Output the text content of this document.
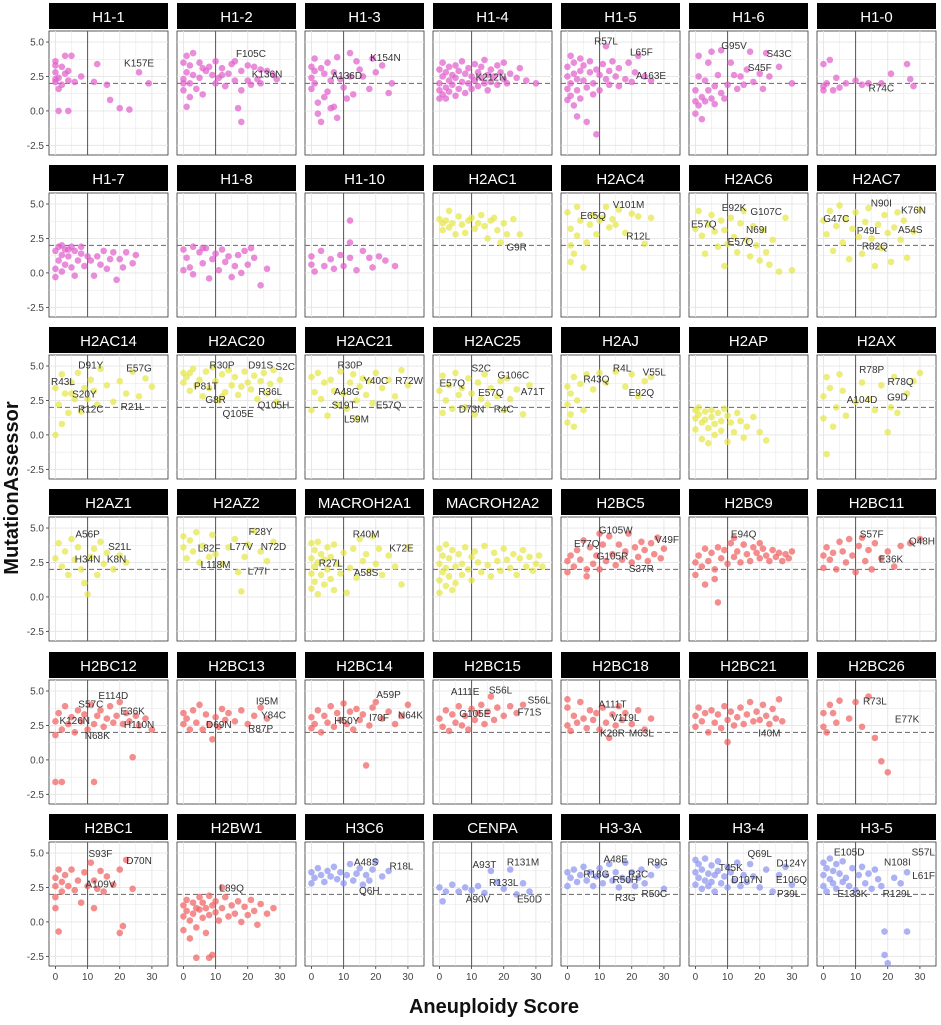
H1-1
K157E
-2.5
0.0
2.5
5.0
H1-2
F105C
K136N
H1-3
A136D
K154N
H1-4
K212N
H1-5
R57L
L65F
A163E
H1-6
G95V
S43C
S45F
H1-0
R74C
H1-7
-2.5
0.0
2.5
5.0
H1-8	H1-10	H2AC1
G9R
H2AC4
E65Q
V101M
R12L
H2AC6
E92K G107C
E57Q
N69I
E57Q
H2AC7
N90I
G47C
K76N
P49L A54S
R82Q
H2AC14
D91Y E57G
R43L
S20Y
R12C R21L
-2.5
0.0
2.5
5.0
H2AC20
R30P D91S S2C
P81T
R36L
G8R
Q105H
Q105E
H2AC21
R30P
Y40C R72W
A48G
S19T E57Q
L59M
H2AC25
S2C
G106C
E57Q
E57Q A71T
D73N R4C
H2AJ
R4L V55L
R43Q
E92Q
H2AP	H2AX
R78P
R78Q
A104D G9D
H2AZ1
A56P
S21L
H34N K8N
-2.5
0.0
2.5
5.0
H2AZ2
F28Y
L82F L77V N72D
L118M
L77I
MACROH2A1
R40M
K72E
R27L
A58S
MACROH2A2	H2BC5
G105W
V49F
E77Q
G105R
S37R
H2BC9
E94Q
H2BC11
S57F
Q48H
E36K
H2BC12
S57C
E114D
E36K
K126N	H110N
N68K
-2.5
0.0
2.5
5.0
H2BC13
I95M
Y84C
D69N R87P
H2BC14
A59P
H50Y I70F N64K
H2BC15
A111E S56L
S56L
G105E	F71S
H2BC18
A111T
V119L
K28R M63L
H2BC21
I40M
H2BC26
R73L
E77K
H2BC1
S93F
D70N
A109V
-2.5
0.0
2.5
5.0
0 10 20 30
H2BW1
L89Q
0 10 20 30
H3C6
A48S R18L
Q6H
0 10 20 30
CENPA
A93T R131M
R133L
A90V	E50D
0 10 20 30
H3-3A
A48E R9G
R18G
R50H
R3C
R3G R50C
0 10 20 30
H3-4
Q69L
D124Y
T45K
D107N E106Q
P39L
0 10 20 30
H3-5
E105D	S57L
N108I
L61F
E133K R129L
0 10 20 30
Aneuploidy Score
MutationAssessor
